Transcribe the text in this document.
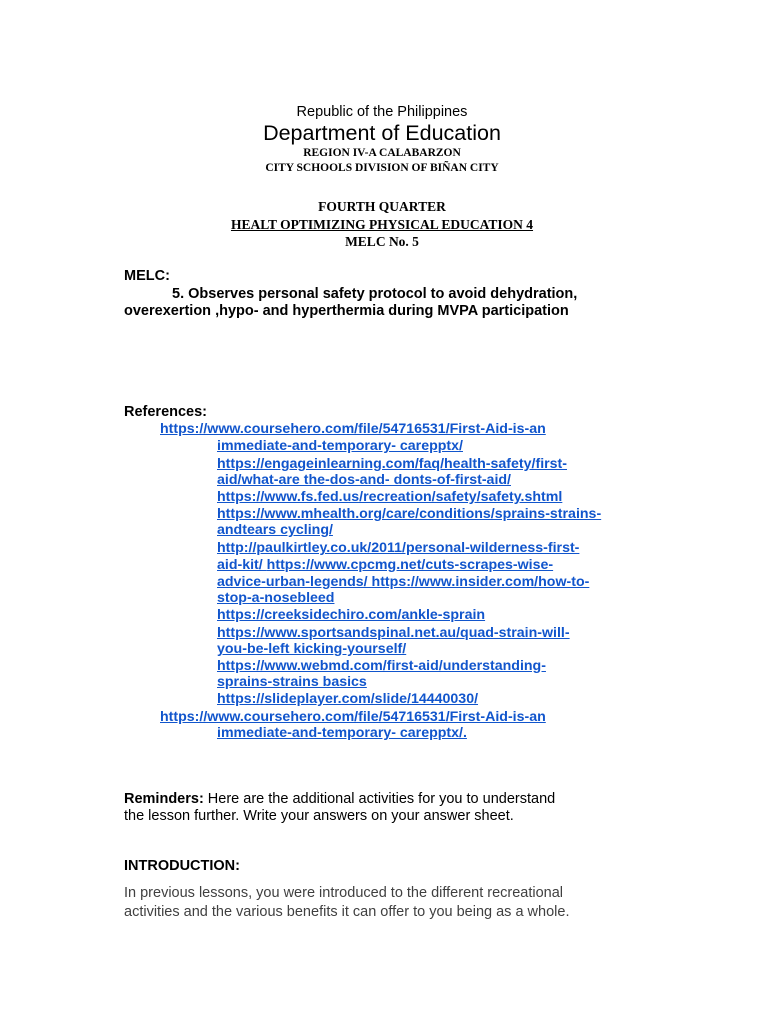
Republic of the Philippines
Department of Education
REGION IV-A CALABARZON
CITY SCHOOLS DIVISION OF BIÑAN CITY
FOURTH QUARTER
HEALT OPTIMIZING PHYSICAL EDUCATION 4
MELC No. 5
MELC:
5. Observes personal safety protocol to avoid dehydration,
overexertion ,hypo- and hyperthermia during MVPA participation
References:
https://www.coursehero.com/file/54716531/First-Aid-is-an
immediate-and-temporary- carepptx/
https://engageinlearning.com/faq/health-safety/first-
aid/what-are the-dos-and- donts-of-first-aid/
https://www.fs.fed.us/recreation/safety/safety.shtml
https://www.mhealth.org/care/conditions/sprains-strains-
andtears cycling/
http://paulkirtley.co.uk/2011/personal-wilderness-first-
aid-kit/ https://www.cpcmg.net/cuts-scrapes-wise-
advice-urban-legends/ https://www.insider.com/how-to-
stop-a-nosebleed
https://creeksidechiro.com/ankle-sprain
https://www.sportsandspinal.net.au/quad-strain-will-
you-be-left kicking-yourself/
https://www.webmd.com/first-aid/understanding-
sprains-strains basics
https://slideplayer.com/slide/14440030/
https://www.coursehero.com/file/54716531/First-Aid-is-an
immediate-and-temporary- carepptx/.
Reminders: Here are the additional activities for you to understand
the lesson further. Write your answers on your answer sheet.
INTRODUCTION:
In previous lessons, you were introduced to the different recreational
activities and the various benefits it can offer to you being as a whole.
